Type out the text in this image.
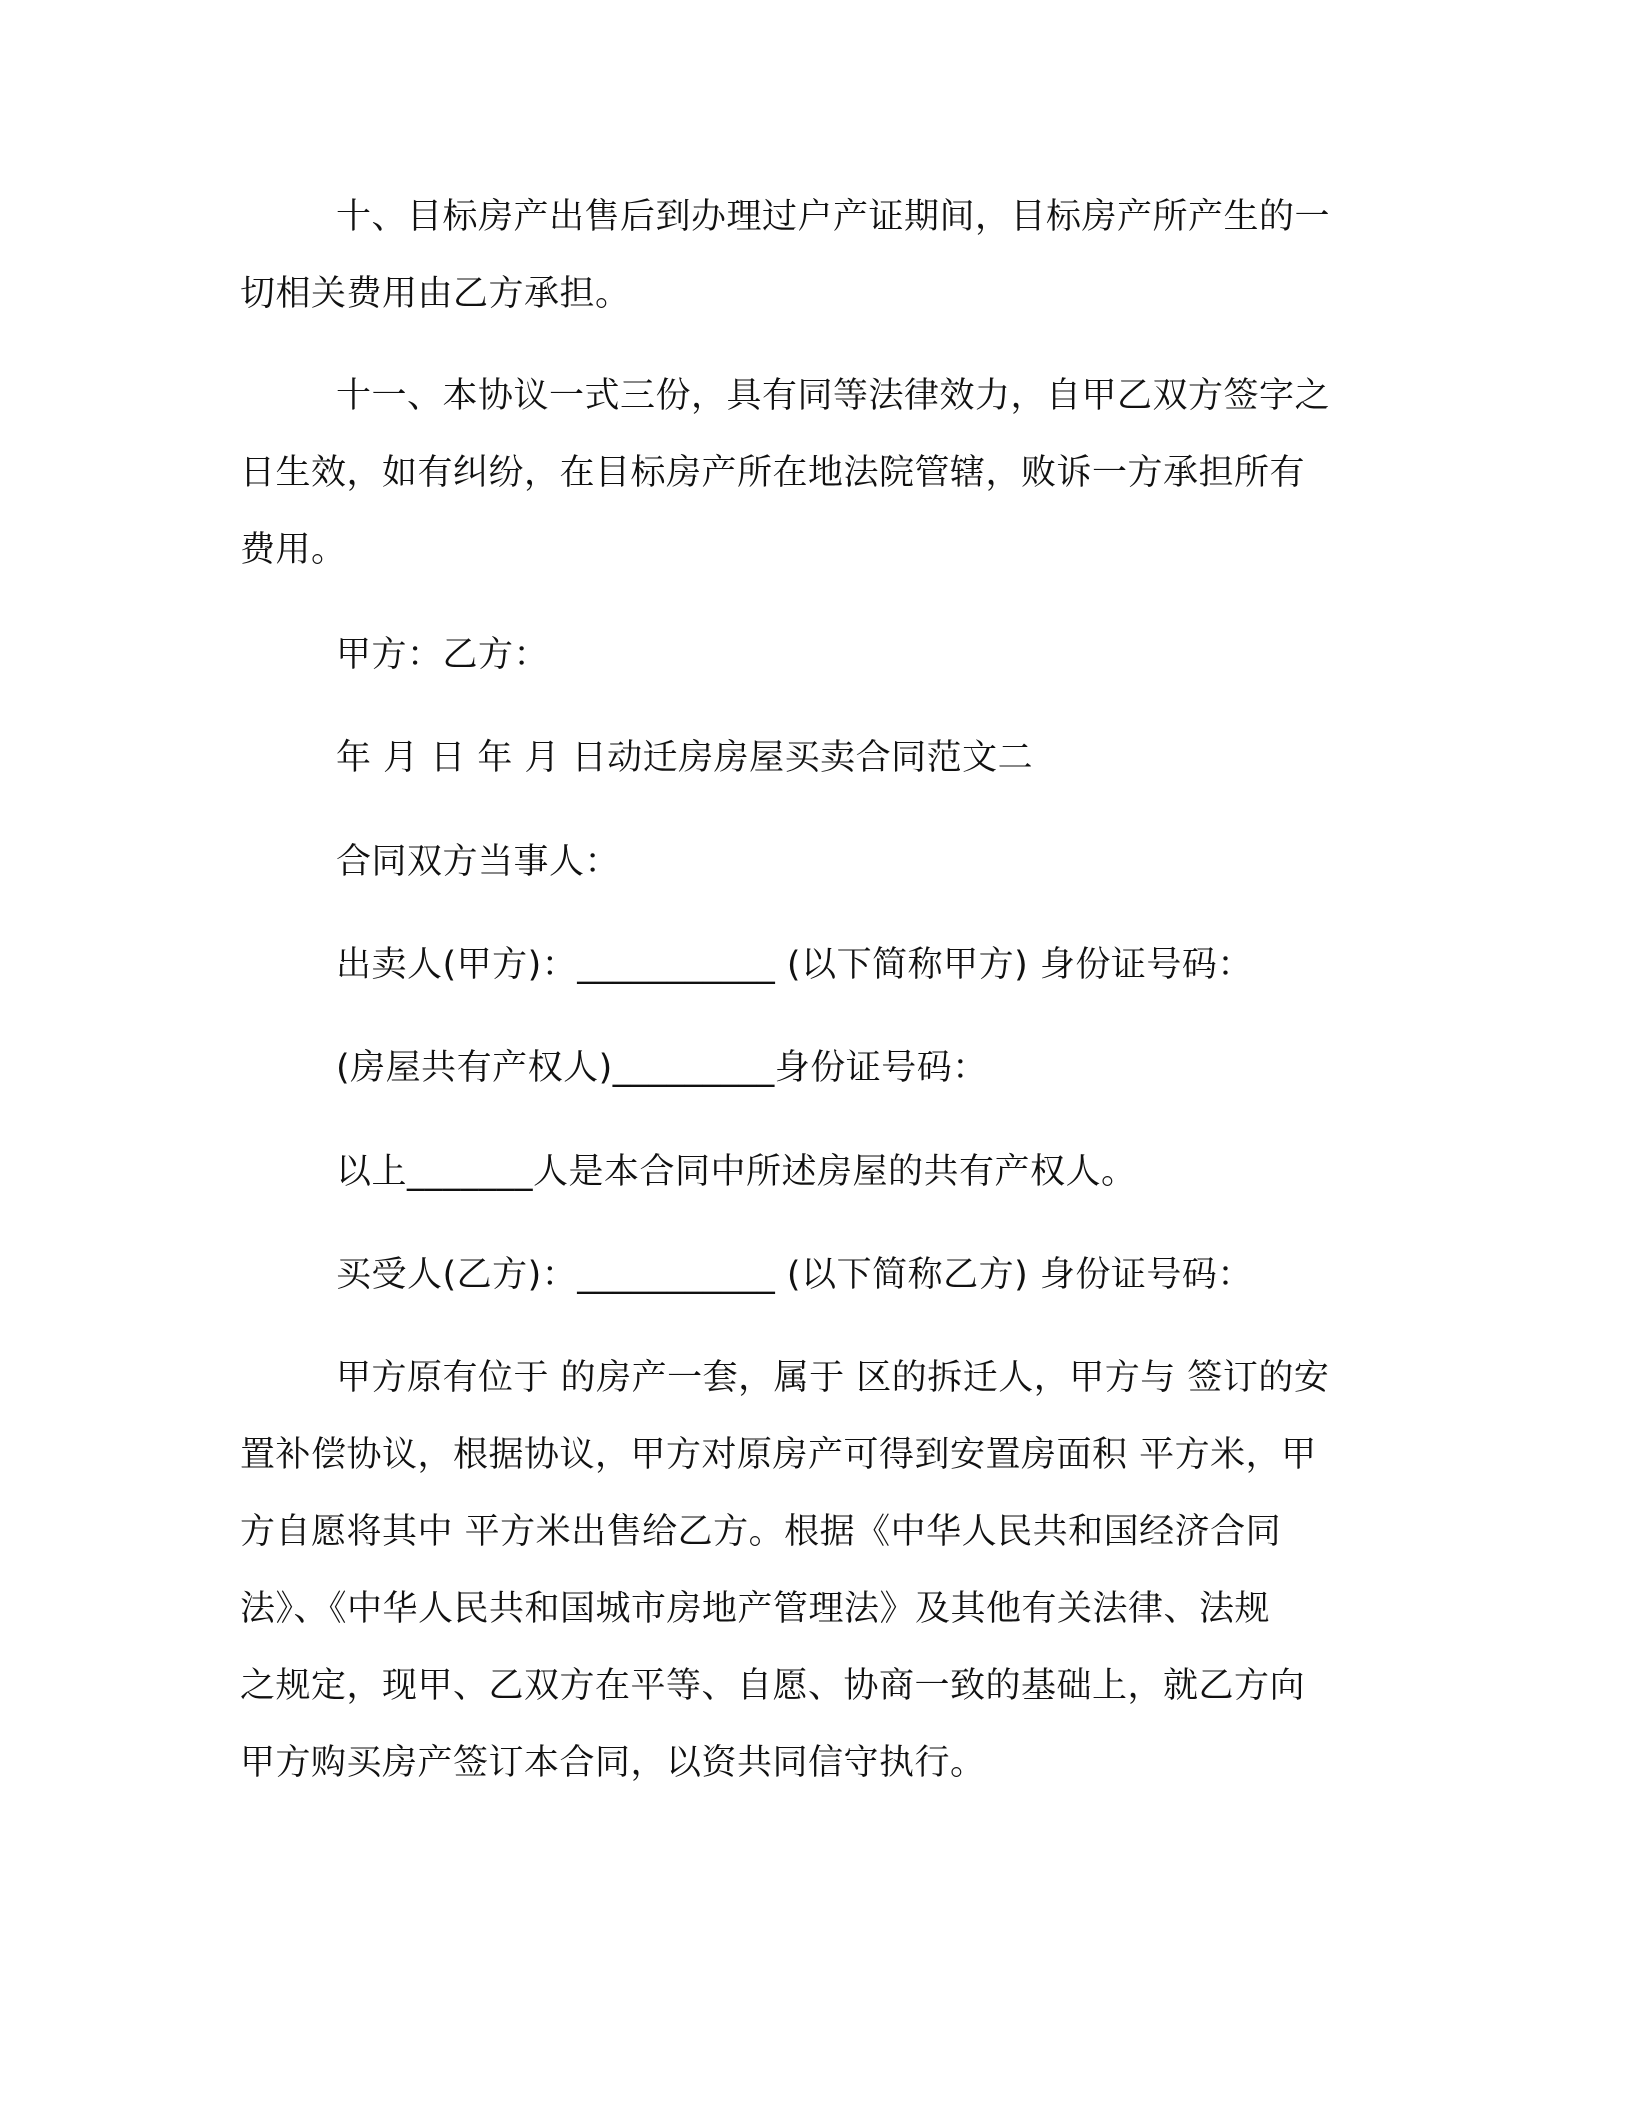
十、目标房产出售后到办理过户产证期间，目标房产所产生的一
切相关费用由乙方承担。
十一、本协议一式三份，具有同等法律效力，自甲乙双方签字之
日生效，如有纠纷，在目标房产所在地法院管辖，败诉一方承担所有
费用。
甲方：乙方：
年 月 日 年 月 日动迁房房屋买卖合同范文二
合同双方当事人：
出卖人(甲方)：___________ (以下简称甲方) 身份证号码：
(房屋共有产权人)_________身份证号码：
以上_______人是本合同中所述房屋的共有产权人。
买受人(乙方)：___________ (以下简称乙方) 身份证号码：
甲方原有位于 的房产一套，属于 区的拆迁人，甲方与 签订的安
置补偿协议，根据协议，甲方对原房产可得到安置房面积 平方米，甲
方自愿将其中 平方米出售给乙方。根据《中华人民共和国经济合同
法》、《中华人民共和国城市房地产管理法》及其他有关法律、法规
之规定，现甲、乙双方在平等、自愿、协商一致的基础上，就乙方向
甲方购买房产签订本合同，以资共同信守执行。
